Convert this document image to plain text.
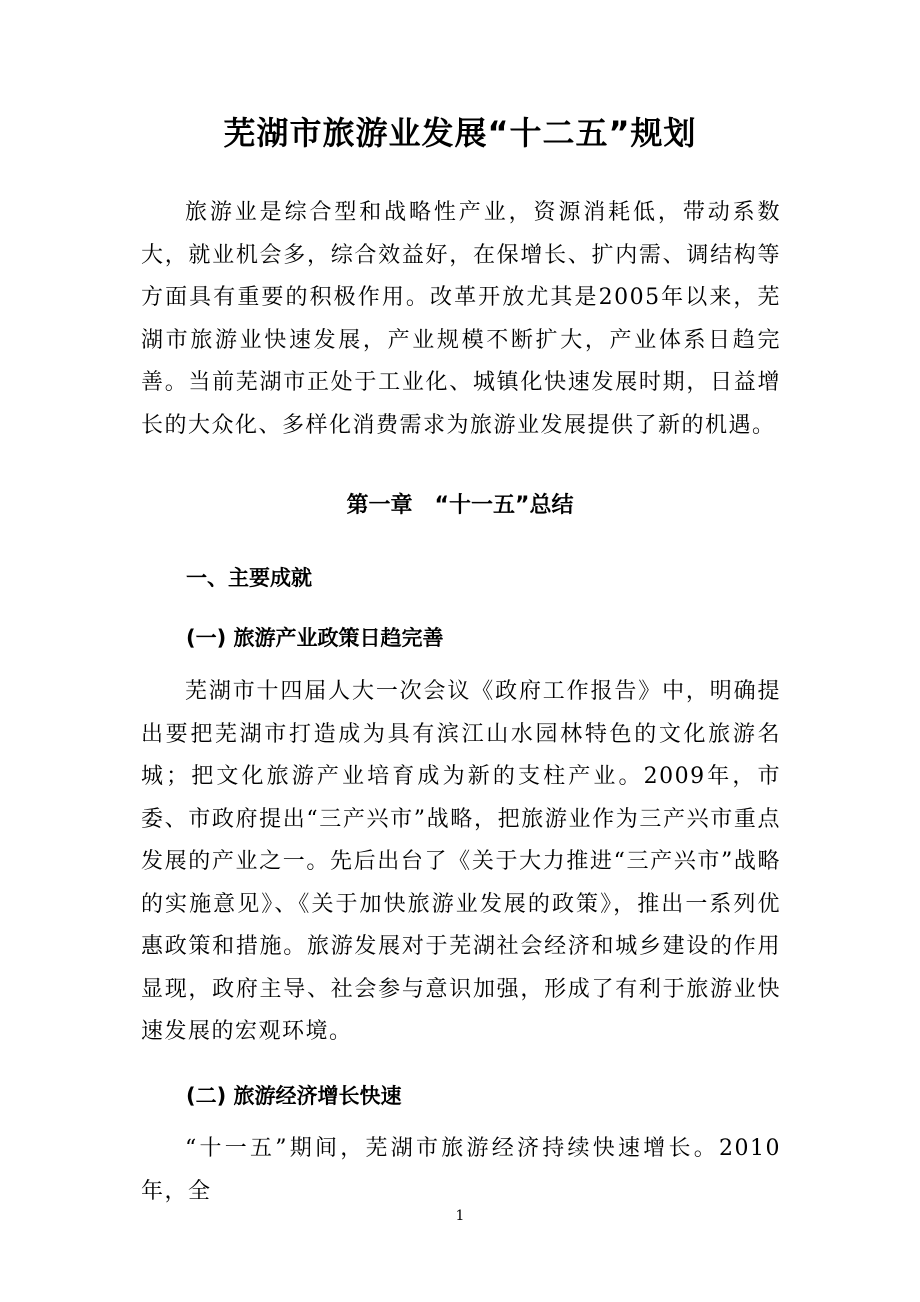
芜湖市旅游业发展“十二五”规划

旅游业是综合型和战略性产业，资源消耗低，带动系数大，就业机会多，综合效益好，在保增长、扩内需、调结构等方面具有重要的积极作用。改革开放尤其是2005年以来，芜湖市旅游业快速发展，产业规模不断扩大，产业体系日趋完善。当前芜湖市正处于工业化、城镇化快速发展时期，日益增长的大众化、多样化消费需求为旅游业发展提供了新的机遇。

第一章　“十一五”总结
一、主要成就
(一) 旅游产业政策日趋完善

芜湖市十四届人大一次会议《政府工作报告》中，明确提出要把芜湖市打造成为具有滨江山水园林特色的文化旅游名城；把文化旅游产业培育成为新的支柱产业。2009年，市委、市政府提出“三产兴市”战略，把旅游业作为三产兴市重点发展的产业之一。先后出台了《关于大力推进“三产兴市”战略的实施意见》、《关于加快旅游业发展的政策》，推出一系列优惠政策和措施。旅游发展对于芜湖社会经济和城乡建设的作用显现，政府主导、社会参与意识加强，形成了有利于旅游业快速发展的宏观环境。

(二) 旅游经济增长快速

“十一五”期间，芜湖市旅游经济持续快速增长。2010年，全

1
